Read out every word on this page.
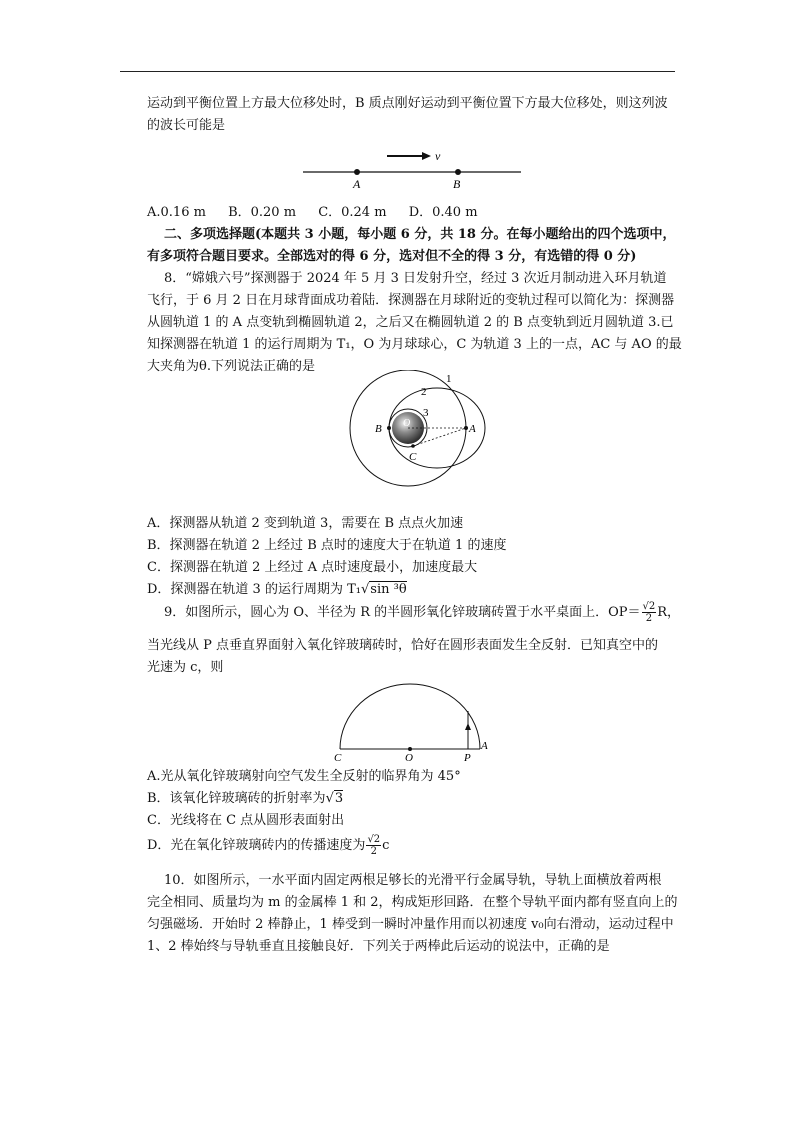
运动到平衡位置上方最大位移处时，B 质点刚好运动到平衡位置下方最大位移处，则这列波
的波长可能是
v
A	B
A.0.16 m B．0.20 m C．0.24 m D．0.40 m
二、多项选择题(本题共 3 小题，每小题 6 分，共 18 分。在每小题给出的四个选项中，
有多项符合题目要求。全部选对的得 6 分，选对但不全的得 3 分，有选错的得 0 分)
8．“嫦娥六号”探测器于 2024 年 5 月 3 日发射升空，经过 3 次近月制动进入环月轨道
飞行，于 6 月 2 日在月球背面成功着陆．探测器在月球附近的变轨过程可以简化为：探测器
从圆轨道 1 的 A 点变轨到椭圆轨道 2，之后又在椭圆轨道 2 的 B 点变轨到近月圆轨道 3.已
知探测器在轨道 1 的运行周期为 T₁，O 为月球球心，C 为轨道 3 上的一点，AC 与 AO 的最
大夹角为θ.下列说法正确的是
1
2
3
O
B	A
C
A．探测器从轨道 2 变到轨道 3，需要在 B 点点火加速
B．探测器在轨道 2 上经过 B 点时的速度大于在轨道 1 的速度
C．探测器在轨道 2 上经过 A 点时速度最小，加速度最大
D．探测器在轨道 3 的运行周期为 T₁√sin ³θ
9．如图所示，圆心为 O、半径为 R 的半圆形氧化锌玻璃砖置于水平桌面上．$OP= \frac{√2}{2}$ R，
当光线从 P 点垂直界面射入氧化锌玻璃砖时，恰好在圆形表面发生全反射．已知真空中的
光速为 c，则
C	O	P
A
A.光从氧化锌玻璃射向空气发生全反射的临界角为 45°
B．该氧化锌玻璃砖的折射率为√3
C．光线将在 C 点从圆形表面射出
D．光在氧化锌玻璃砖内的传播速度为 $\frac{√2}{2}$ c
10．如图所示，一水平面内固定两根足够长的光滑平行金属导轨，导轨上面横放着两根
完全相同、质量均为 m 的金属棒 1 和 2，构成矩形回路．在整个导轨平面内都有竖直向上的
匀强磁场．开始时 2 棒静止，1 棒受到一瞬时冲量作用而以初速度 v₀向右滑动，运动过程中
1、2 棒始终与导轨垂直且接触良好．下列关于两棒此后运动的说法中，正确的是
